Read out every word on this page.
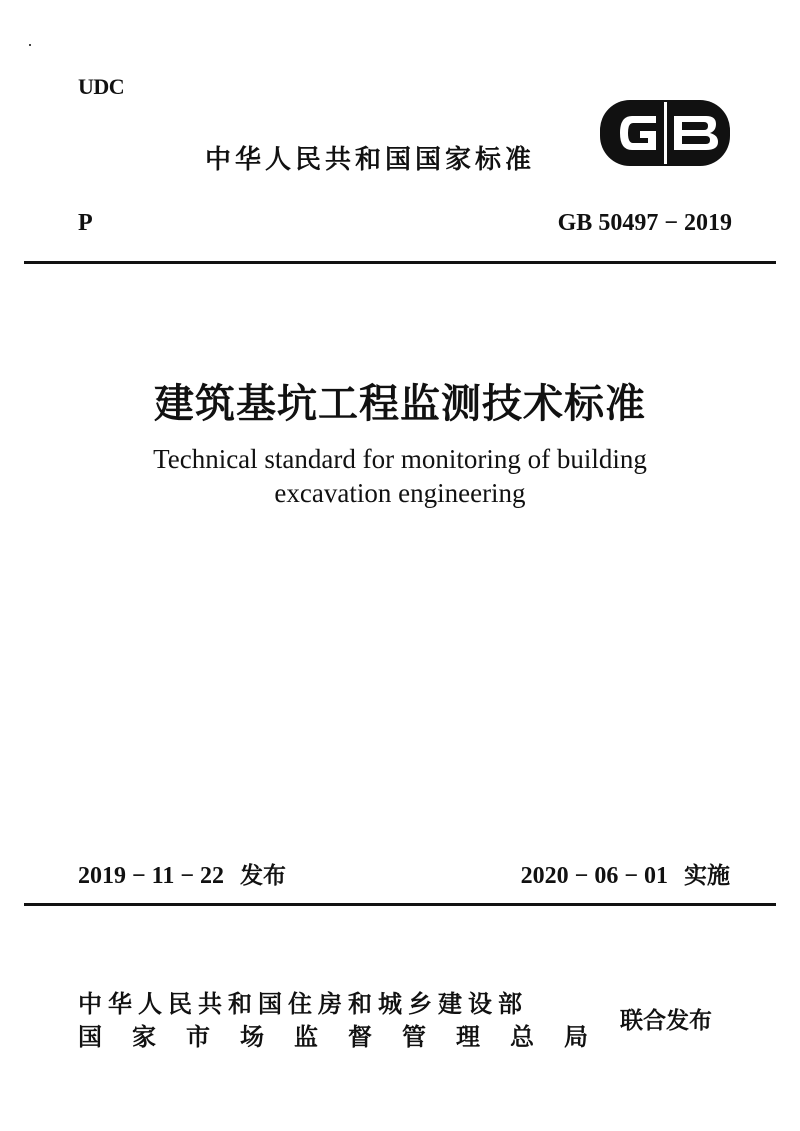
UDC
中华人民共和国国家标准
P	GB 50497 − 2019
建筑基坑工程监测技术标准
Technical standard for monitoring of building
excavation engineering
2019 − 11 − 22 发布	2020 − 06 − 01 实施
中华人民共和国住房和城乡建设部
国 家 市 场 监 督 管 理 总 局
联合发布
